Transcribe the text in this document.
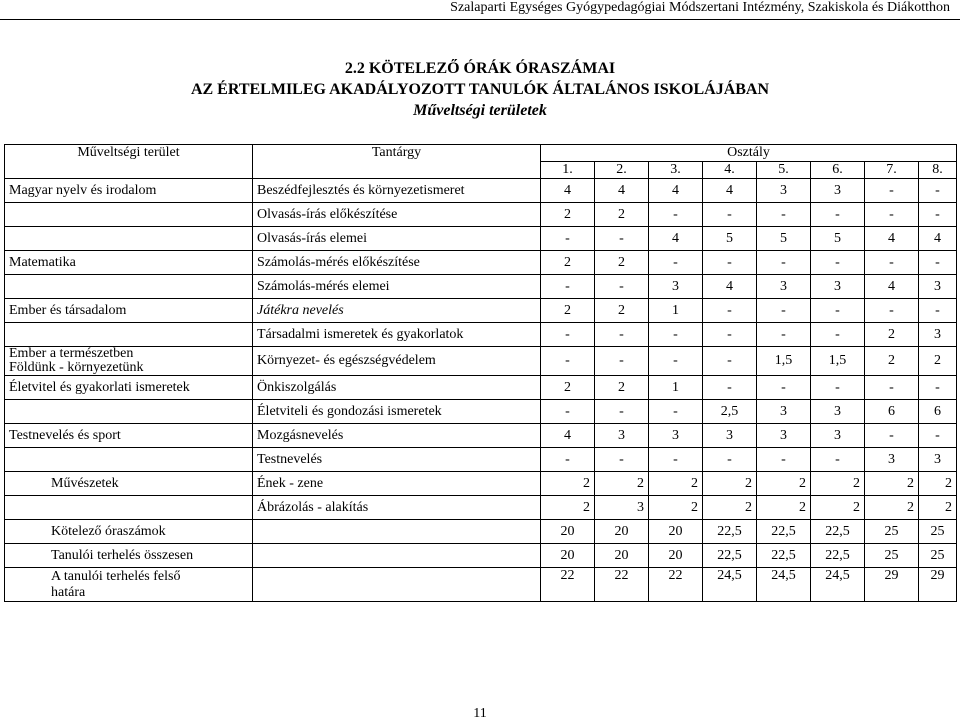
Szalaparti Egységes Gyógypedagógiai Módszertani Intézmény, Szakiskola és Diákotthon
2.2 KÖTELEZŐ ÓRÁK ÓRASZÁMAI
AZ ÉRTELMILEG AKADÁLYOZOTT TANULÓK ÁLTALÁNOS ISKOLÁJÁBAN
Műveltségi területek
Műveltségi terület	Tantárgy	Osztály							
		1.	2.	3.	4.	5.	6.	7.	8.
Magyar nyelv és irodalom	Beszédfejlesztés és környezetismeret	4	4	4	4	3	3	-	-
	Olvasás-írás előkészítése	2	2	-	-	-	-	-	-
	Olvasás-írás elemei	-	-	4	5	5	5	4	4
Matematika	Számolás-mérés előkészítése	2	2	-	-	-	-	-	-
	Számolás-mérés elemei	-	-	3	4	3	3	4	3
Ember és társadalom	Játékra nevelés	2	2	1	-	-	-	-	-
	Társadalmi ismeretek és gyakorlatok	-	-	-	-	-	-	2	3

Ember a természetben
Földünk - környezetünk	Környezet- és egészségvédelem	-	-	-	-	1,5	1,5	2	2
Életvitel és gyakorlati ismeretek	Önkiszolgálás	2	2	1	-	-	-	-	-
	Életviteli és gondozási ismeretek	-	-	-	2,5	3	3	6	6
Testnevelés és sport	Mozgásnevelés	4	3	3	3	3	3	-	-
	Testnevelés	-	-	-	-	-	-	3	3
Művészetek	Ének - zene	2	2	2	2	2	2	2	2
	Ábrázolás - alakítás	2	3	2	2	2	2	2	2
Kötelező óraszámok		20	20	20	22,5	22,5	22,5	25	25
Tanulói terhelés összesen		20	20	20	22,5	22,5	22,5	25	25

A tanulói terhelés felső
határa		22	22	22	24,5	24,5	24,5	29	29
11
